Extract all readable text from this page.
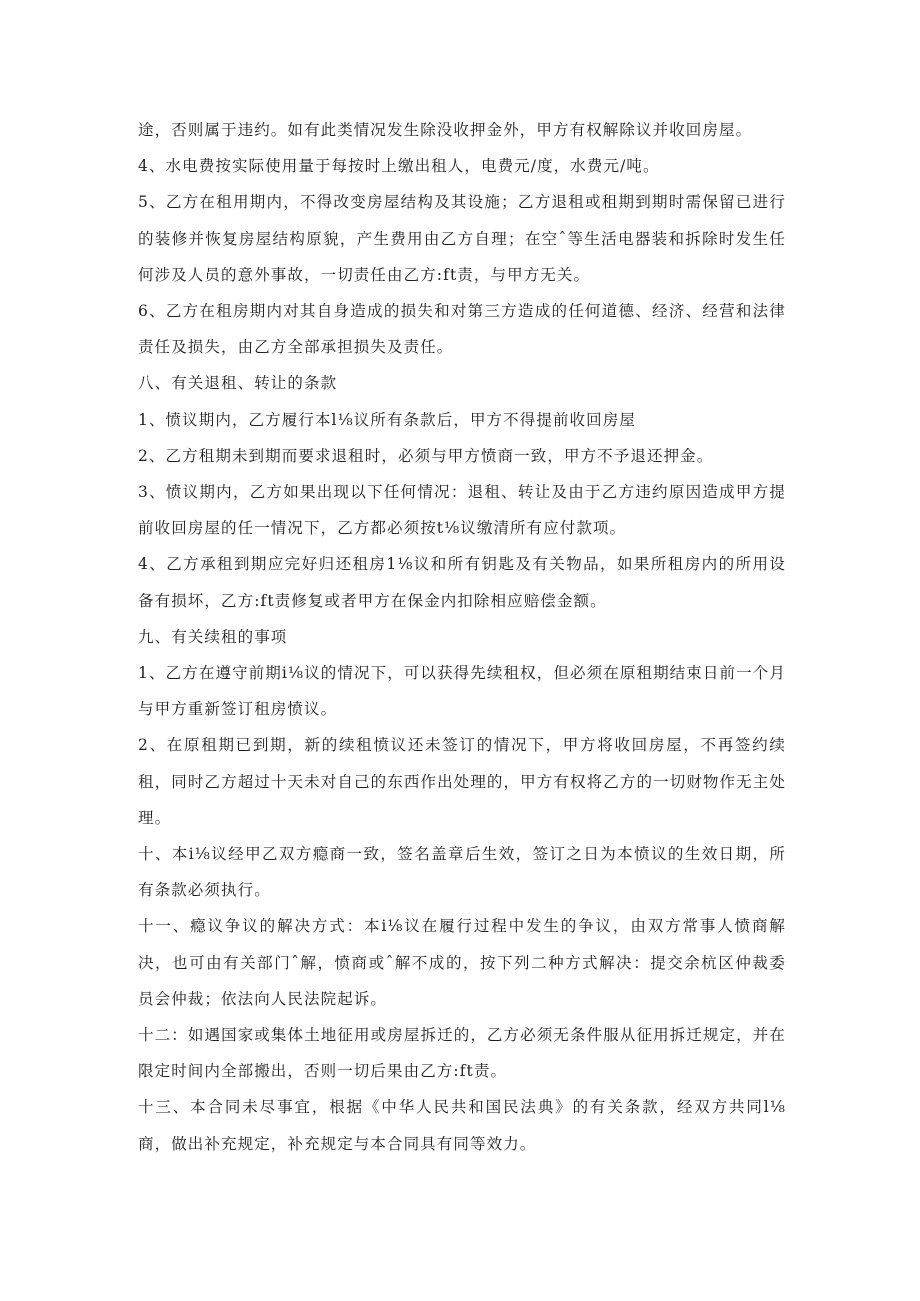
途，否则属于违约。如有此类情况发生除没收押金外，甲方有权解除议并收回房屋。

4、水电费按实际使用量于每按时上缴出租人，电费元/度，水费元/吨。

5、乙方在租用期内，不得改变房屋结构及其设施；乙方退租或租期到期时需保留已进行的装修并恢复房屋结构原貌，产生费用由乙方自理；在空ˆ等生活电器装和拆除时发生任何涉及人员的意外事故，一切责任由乙方:ft责，与甲方无关。

6、乙方在租房期内对其自身造成的损失和对第三方造成的任何道德、经济、经营和法律责任及损失，由乙方全部承担损失及责任。

八、有关退租、转让的条款

1、愤议期内，乙方履行本l⅛议所有条款后，甲方不得提前收回房屋

2、乙方租期未到期而要求退租时，必须与甲方愤商一致，甲方不予退还押金。

3、愤议期内，乙方如果出现以下任何情况：退租、转让及由于乙方违约原因造成甲方提前收回房屋的任一情况下，乙方都必须按t⅛议缴清所有应付款项。

4、乙方承租到期应完好归还租房1⅛议和所有钥匙及有关物品，如果所租房内的所用设备有损坏，乙方:ft责修复或者甲方在保金内扣除相应赔偿金额。

九、有关续租的事项

1、乙方在遵守前期i⅛议的情况下，可以获得先续租权，但必须在原租期结束日前一个月与甲方重新签订租房愤议。

2、在原租期已到期，新的续租愤议还未签订的情况下，甲方将收回房屋，不再签约续租，同时乙方超过十天未对自己的东西作出处理的，甲方有权将乙方的一切财物作无主处理。

十、本i⅛议经甲乙双方瘾商一致，签名盖章后生效，签订之日为本愤议的生效日期，所有条款必须执行。

十一、瘾议争议的解决方式：本i⅛议在履行过程中发生的争议，由双方常事人愤商解决，也可由有关部门ˆ解，愤商或ˆ解不成的，按下列二种方式解决：提交余杭区仲裁委员会仲裁；依法向人民法院起诉。

十二：如遇国家或集体土地征用或房屋拆迁的，乙方必须无条件服从征用拆迁规定，并在限定时间内全部搬出，否则一切后果由乙方:ft责。

十三、本合同未尽事宜，根据《中华人民共和国民法典》的有关条款，经双方共同l⅛商，做出补充规定，补充规定与本合同具有同等效力。
